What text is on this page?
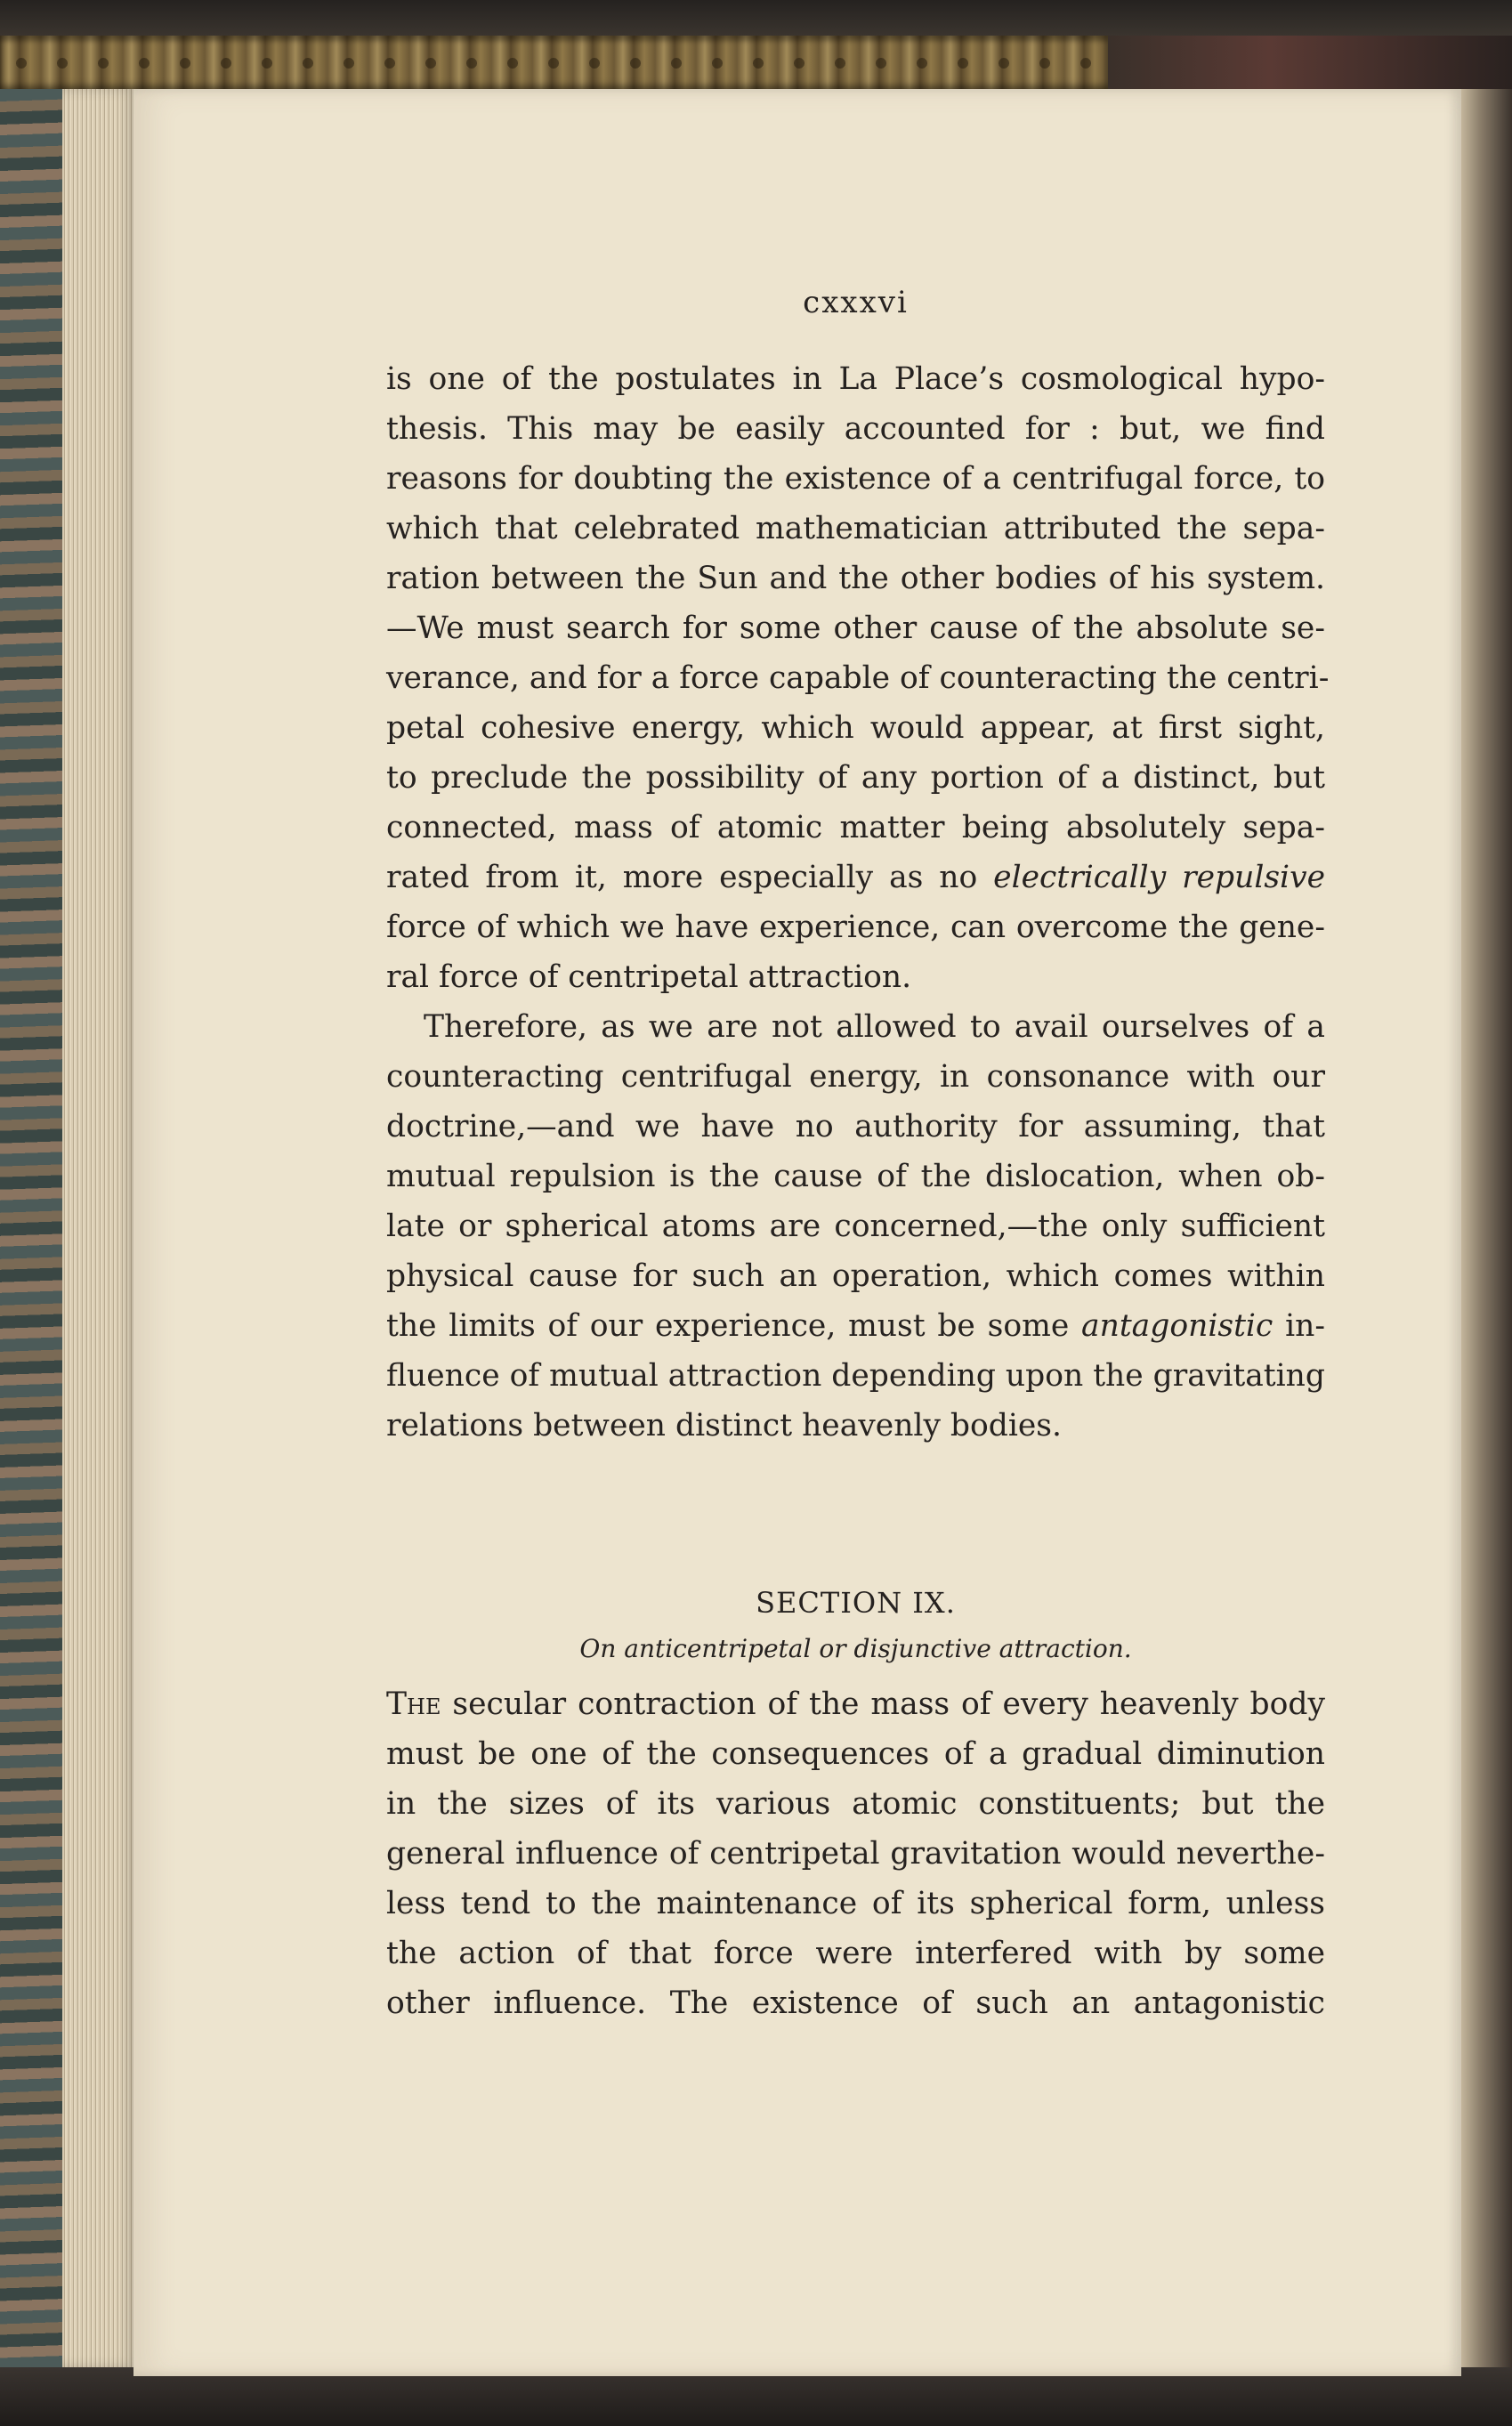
cxxxvi
is one of the postulates in La Place’s cosmological hypo-
thesis. This may be easily accounted for : but, we find
reasons for doubting the existence of a centrifugal force, to
which that celebrated mathematician attributed the sepa-
ration between the Sun and the other bodies of his system.
—We must search for some other cause of the absolute se-
verance, and for a force capable of counteracting the centri-
petal cohesive energy, which would appear, at first sight,
to preclude the possibility of any portion of a distinct, but
connected, mass of atomic matter being absolutely sepa-
rated from it, more especially as no electrically repulsive
force of which we have experience, can overcome the gene-
ral force of centripetal attraction.
Therefore, as we are not allowed to avail ourselves of a
counteracting centrifugal energy, in consonance with our
doctrine,—and we have no authority for assuming, that
mutual repulsion is the cause of the dislocation, when ob-
late or spherical atoms are concerned,—the only sufficient
physical cause for such an operation, which comes within
the limits of our experience, must be some antagonistic in-
fluence of mutual attraction depending upon the gravitating
relations between distinct heavenly bodies.
SECTION IX.
On anticentripetal or disjunctive attraction.
The secular contraction of the mass of every heavenly body
must be one of the consequences of a gradual diminution
in the sizes of its various atomic constituents; but the
general influence of centripetal gravitation would neverthe-
less tend to the maintenance of its spherical form, unless
the action of that force were interfered with by some
other influence. The existence of such an antagonistic
